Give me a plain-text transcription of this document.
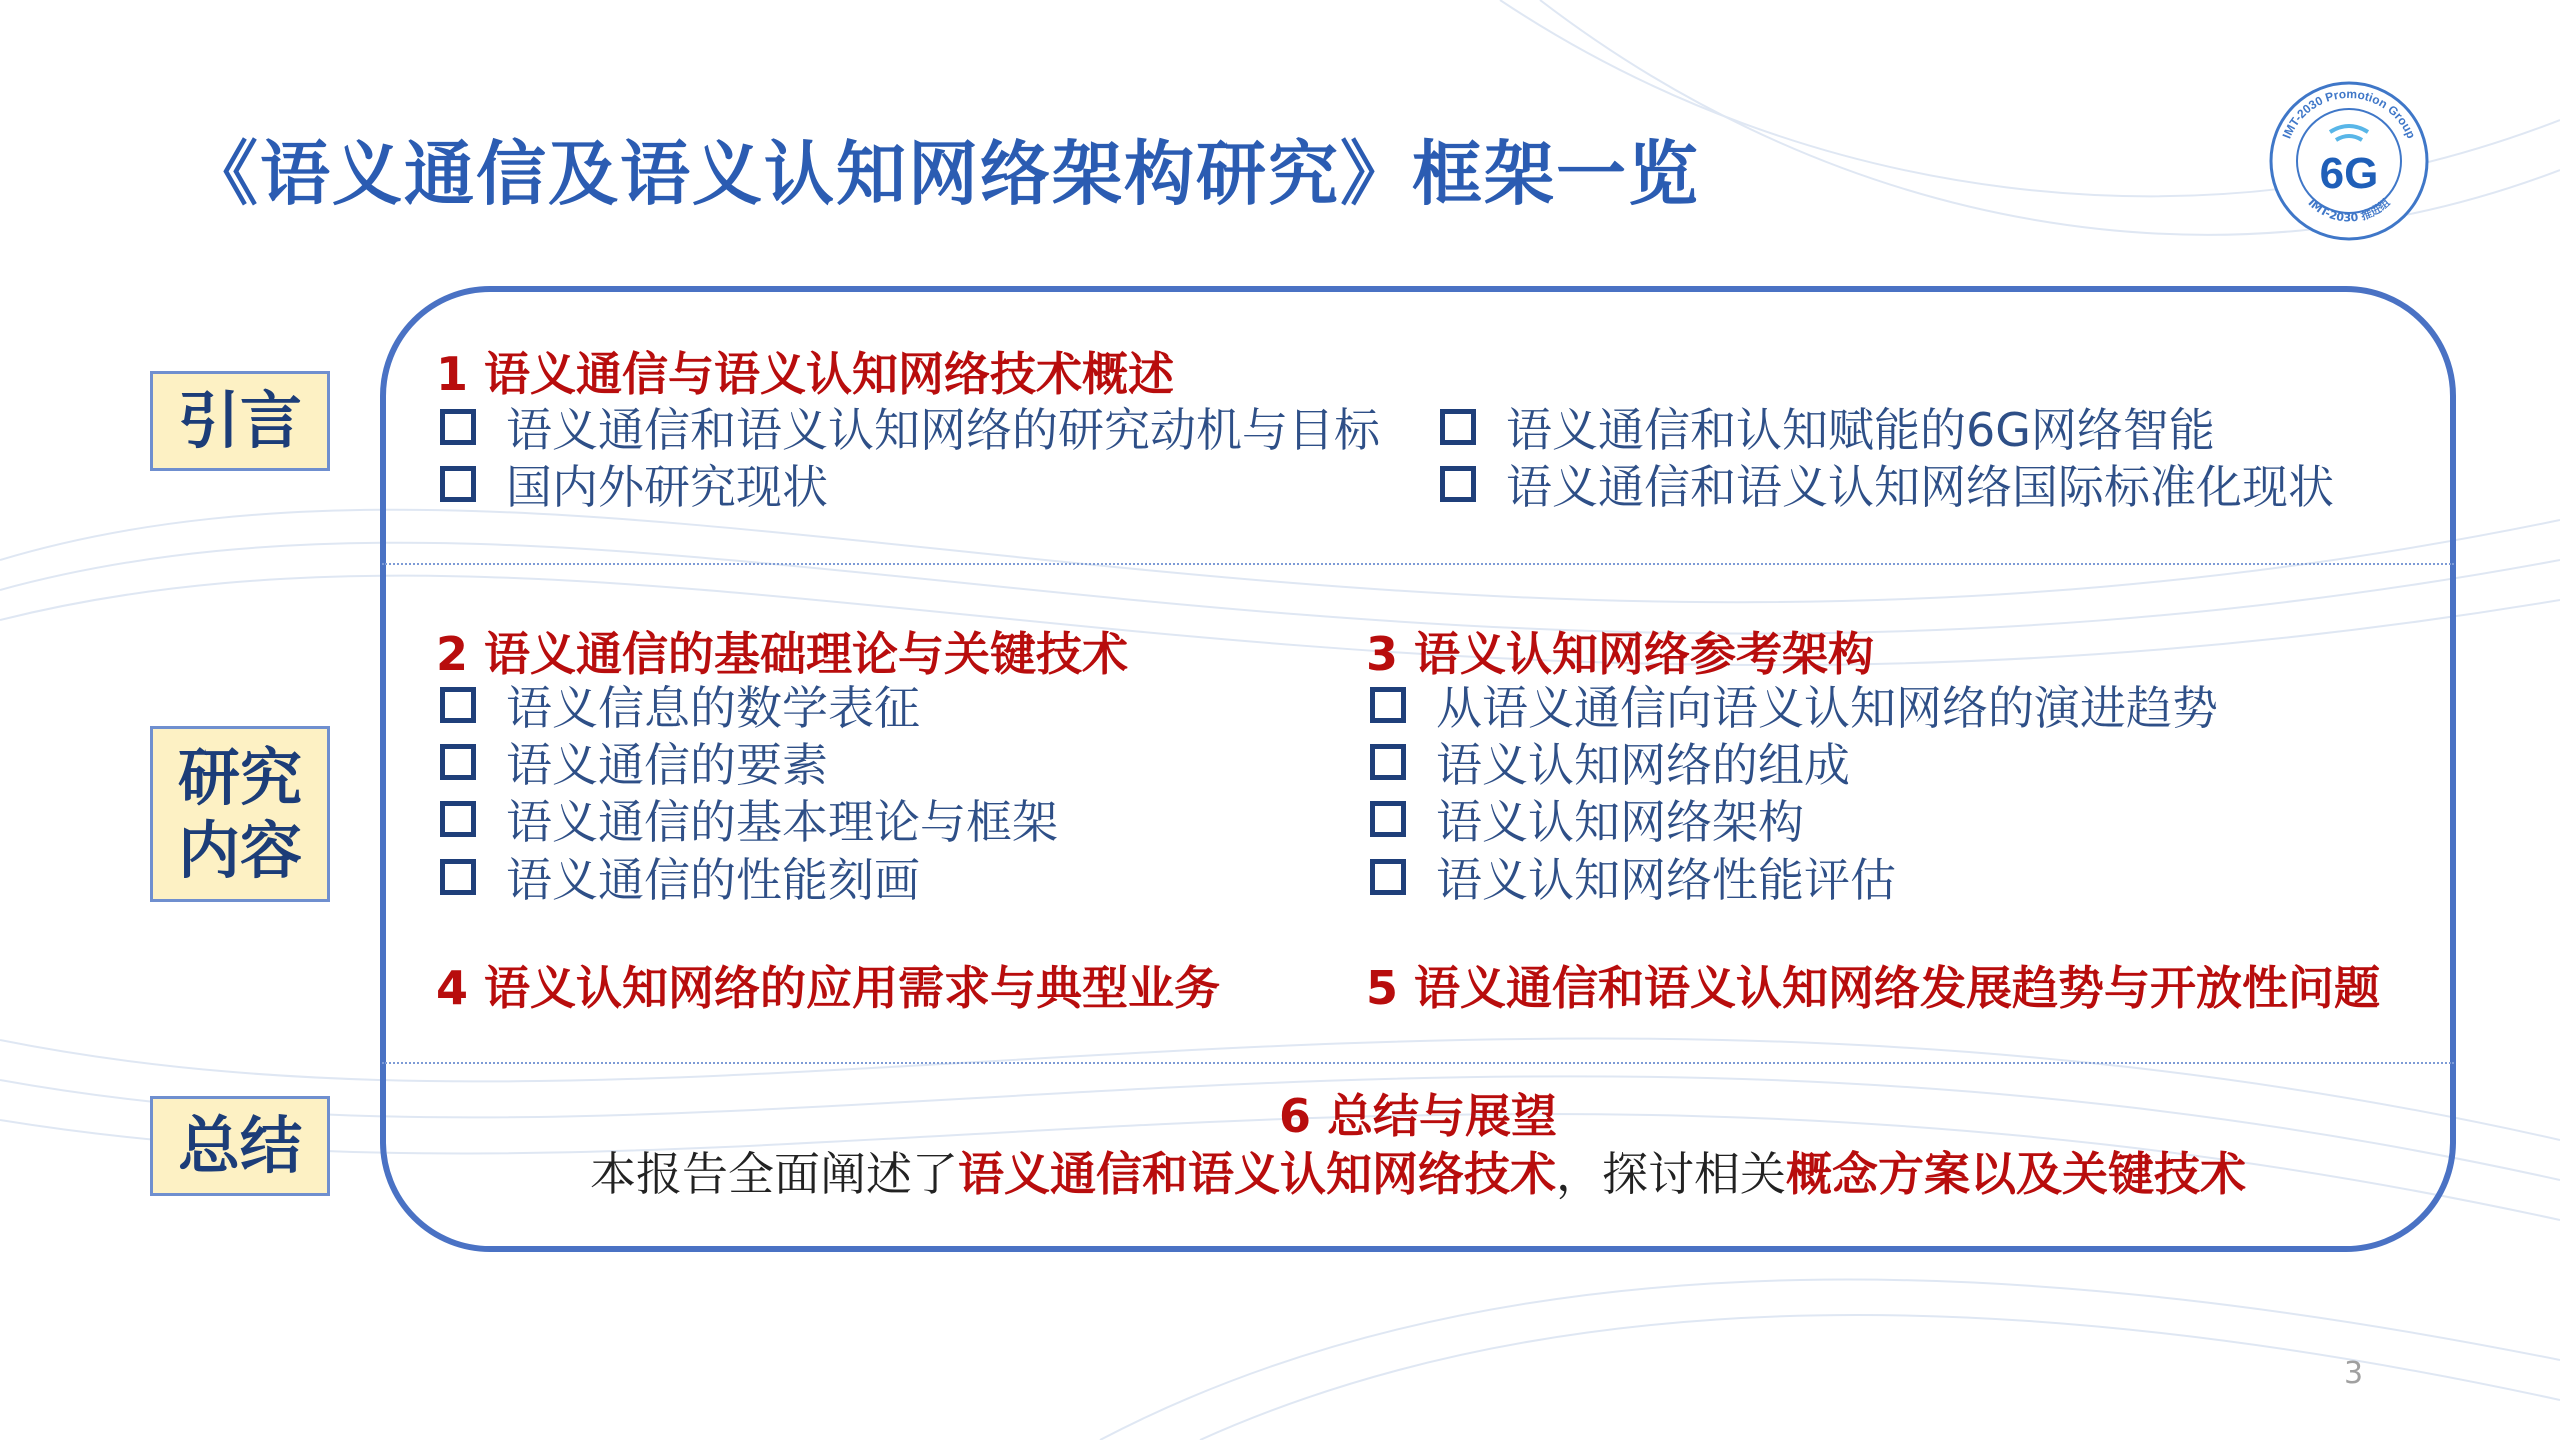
《语义通信及语义认知网络架构研究》框架一览	IMT-2030 Promotion Group
IMT-2030 推进组
6G
引言
研究
内容
总结
1 语义通信与语义认知网络技术概述
语义通信和语义认知网络的研究动机与目标
国内外研究现状
语义通信和认知赋能的6G网络智能
语义通信和语义认知网络国际标准化现状
2 语义通信的基础理论与关键技术
语义信息的数学表征
语义通信的要素
语义通信的基本理论与框架
语义通信的性能刻画
3 语义认知网络参考架构
从语义通信向语义认知网络的演进趋势
语义认知网络的组成
语义认知网络架构
语义认知网络性能评估
4 语义认知网络的应用需求与典型业务	5 语义通信和语义认知网络发展趋势与开放性问题
6 总结与展望
本报告全面阐述了语义通信和语义认知网络技术，探讨相关概念方案以及关键技术
3
